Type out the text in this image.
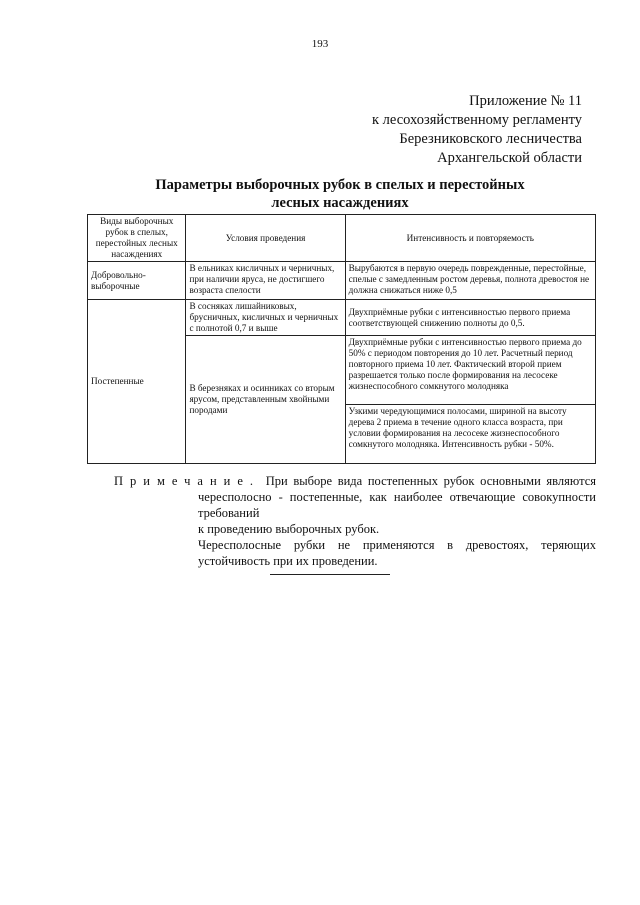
193
Приложение № 11
к лесохозяйственному регламенту
Березниковского лесничества
Архангельской области
Параметры выборочных рубок в спелых и перестойных
лесных насаждениях
Виды выборочных рубок в спелых, перестойных лесных насаждениях	Условия проведения	Интенсивность и повторяемость
Добровольно-выборочные	В ельниках кисличных и черничных, при наличии яруса, не достигшего возраста спелости	Вырубаются в первую очередь поврежденные, перестойные, спелые с замедленным ростом деревья, полнота древостоя не должна снижаться ниже 0,5
Постепенные	В сосняках лишайниковых, брусничных, кисличных и черничных с полнотой 0,7 и выше	Двухприёмные рубки с интенсивностью первого приема соответствующей снижению полноты до 0,5.
	В березняках и осинниках со вторым ярусом, представленным хвойными породами	Двухприёмные рубки с интенсивностью первого приема до 50% с периодом повторения до 10 лет. Расчетный период повторного приема 10 лет. Фактический второй прием разрешается только после формирования на лесосеке жизнеспособного сомкнутого молодняка
		Узкими чередующимися полосами, шириной на высоту дерева 2 приема в течение одного класса возраста, при условии формирования на лесосеке жизнеспособного сомкнутого молодняка. Интенсивность рубки - 50%.
Примечание. При выборе вида постепенных рубок основными являются
чересполосно - постепенные, как наиболее отвечающие совокупности
требований
к проведению выборочных рубок.
Чересполосные рубки не применяются в древостоях, теряющих
устойчивость при их проведении.
